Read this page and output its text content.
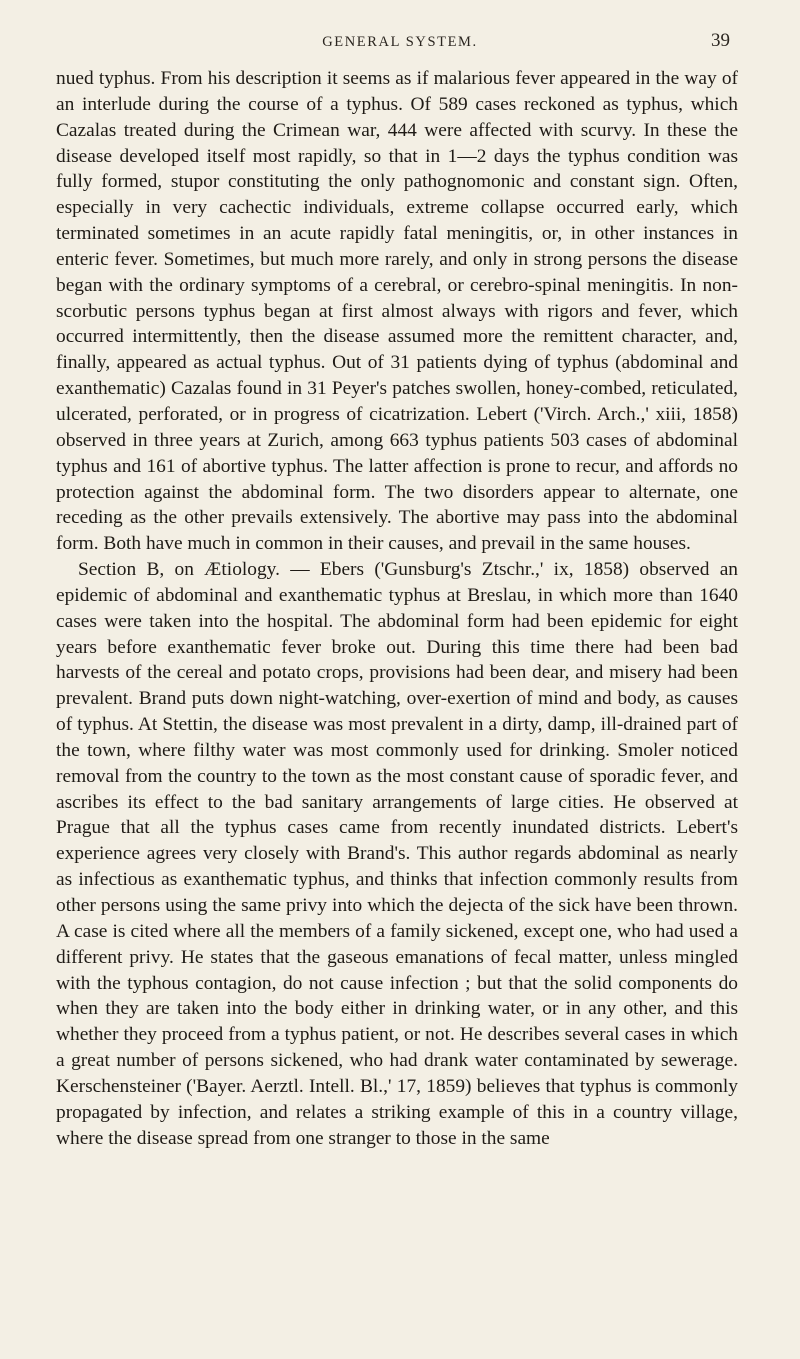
GENERAL SYSTEM.	39

nued typhus. From his description it seems as if malarious fever appeared in the way of an interlude during the course of a typhus. Of 589 cases reckoned as typhus, which Cazalas treated during the Crimean war, 444 were affected with scurvy. In these the disease developed itself most rapidly, so that in 1—2 days the typhus condition was fully formed, stupor constituting the only pathognomonic and constant sign. Often, especially in very cachectic individuals, extreme collapse occurred early, which terminated sometimes in an acute rapidly fatal meningitis, or, in other instances in enteric fever. Sometimes, but much more rarely, and only in strong persons the disease began with the ordinary symptoms of a cerebral, or cerebro-spinal meningitis. In non-scorbutic persons typhus began at first almost always with rigors and fever, which occurred intermittently, then the disease assumed more the remittent character, and, finally, appeared as actual typhus. Out of 31 patients dying of typhus (abdominal and exanthematic) Cazalas found in 31 Peyer's patches swollen, honey-combed, reticulated, ulcerated, perforated, or in progress of cicatrization. Lebert ('Virch. Arch.,' xiii, 1858) observed in three years at Zurich, among 663 typhus patients 503 cases of abdominal typhus and 161 of abortive typhus. The latter affection is prone to recur, and affords no protection against the abdominal form. The two disorders appear to alternate, one receding as the other prevails extensively. The abortive may pass into the abdominal form. Both have much in common in their causes, and prevail in the same houses.

Section B, on Ætiology. — Ebers ('Gunsburg's Ztschr.,' ix, 1858) observed an epidemic of abdominal and exanthematic typhus at Breslau, in which more than 1640 cases were taken into the hospital. The abdominal form had been epidemic for eight years before exanthematic fever broke out. During this time there had been bad harvests of the cereal and potato crops, provisions had been dear, and misery had been prevalent. Brand puts down night-watching, over-exertion of mind and body, as causes of typhus. At Stettin, the disease was most prevalent in a dirty, damp, ill-drained part of the town, where filthy water was most commonly used for drinking. Smoler noticed removal from the country to the town as the most constant cause of sporadic fever, and ascribes its effect to the bad sanitary arrangements of large cities. He observed at Prague that all the typhus cases came from recently inundated districts. Lebert's experience agrees very closely with Brand's. This author regards abdominal as nearly as infectious as exanthematic typhus, and thinks that infection commonly results from other persons using the same privy into which the dejecta of the sick have been thrown. A case is cited where all the members of a family sickened, except one, who had used a different privy. He states that the gaseous emanations of fecal matter, unless mingled with the typhous contagion, do not cause infection ; but that the solid components do when they are taken into the body either in drinking water, or in any other, and this whether they proceed from a typhus patient, or not. He describes several cases in which a great number of persons sickened, who had drank water contaminated by sewerage. Kerschensteiner ('Bayer. Aerztl. Intell. Bl.,' 17, 1859) believes that typhus is commonly propagated by infection, and relates a striking example of this in a country village, where the disease spread from one stranger to those in the same
